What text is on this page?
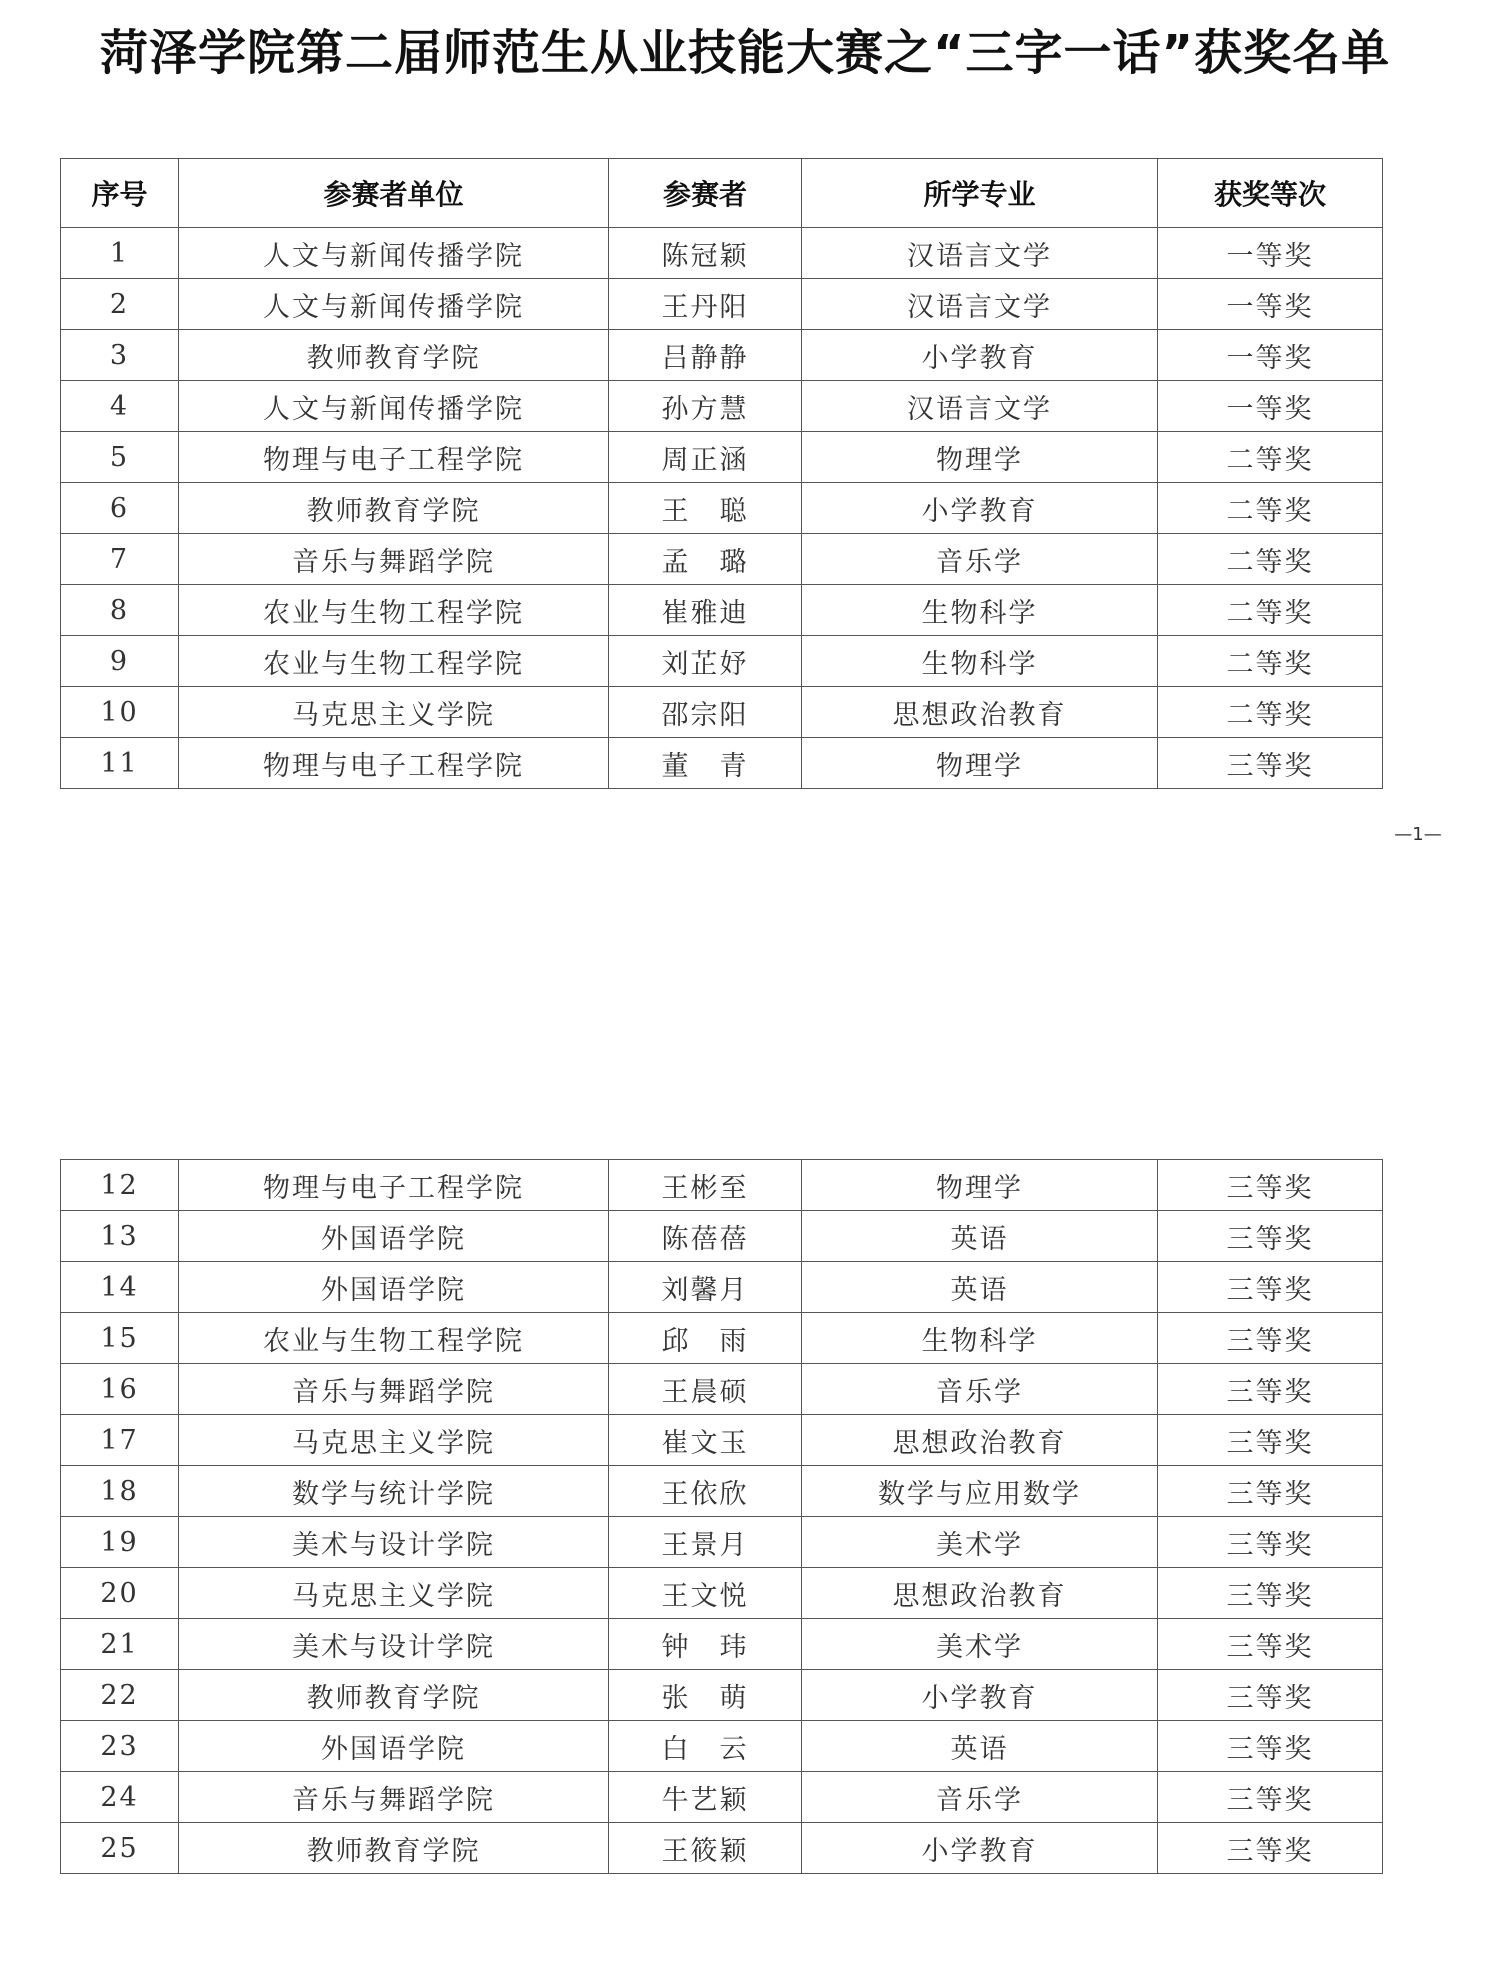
菏泽学院第二届师范生从业技能大赛之“三字一话”获奖名单
序号	参赛者单位	参赛者	所学专业	获奖等次
1	人文与新闻传播学院	陈冠颖	汉语言文学	一等奖
2	人文与新闻传播学院	王丹阳	汉语言文学	一等奖
3	教师教育学院	吕静静	小学教育	一等奖
4	人文与新闻传播学院	孙方慧	汉语言文学	一等奖
5	物理与电子工程学院	周正涵	物理学	二等奖
6	教师教育学院	王　聪	小学教育	二等奖
7	音乐与舞蹈学院	孟　璐	音乐学	二等奖
8	农业与生物工程学院	崔雅迪	生物科学	二等奖
9	农业与生物工程学院	刘芷妤	生物科学	二等奖
10	马克思主义学院	邵宗阳	思想政治教育	二等奖
11	物理与电子工程学院	董　青	物理学	三等奖
—1—
12	物理与电子工程学院	王彬至	物理学	三等奖
13	外国语学院	陈蓓蓓	英语	三等奖
14	外国语学院	刘馨月	英语	三等奖
15	农业与生物工程学院	邱　雨	生物科学	三等奖
16	音乐与舞蹈学院	王晨硕	音乐学	三等奖
17	马克思主义学院	崔文玉	思想政治教育	三等奖
18	数学与统计学院	王依欣	数学与应用数学	三等奖
19	美术与设计学院	王景月	美术学	三等奖
20	马克思主义学院	王文悦	思想政治教育	三等奖
21	美术与设计学院	钟　玮	美术学	三等奖
22	教师教育学院	张　萌	小学教育	三等奖
23	外国语学院	白　云	英语	三等奖
24	音乐与舞蹈学院	牛艺颖	音乐学	三等奖
25	教师教育学院	王筱颖	小学教育	三等奖
